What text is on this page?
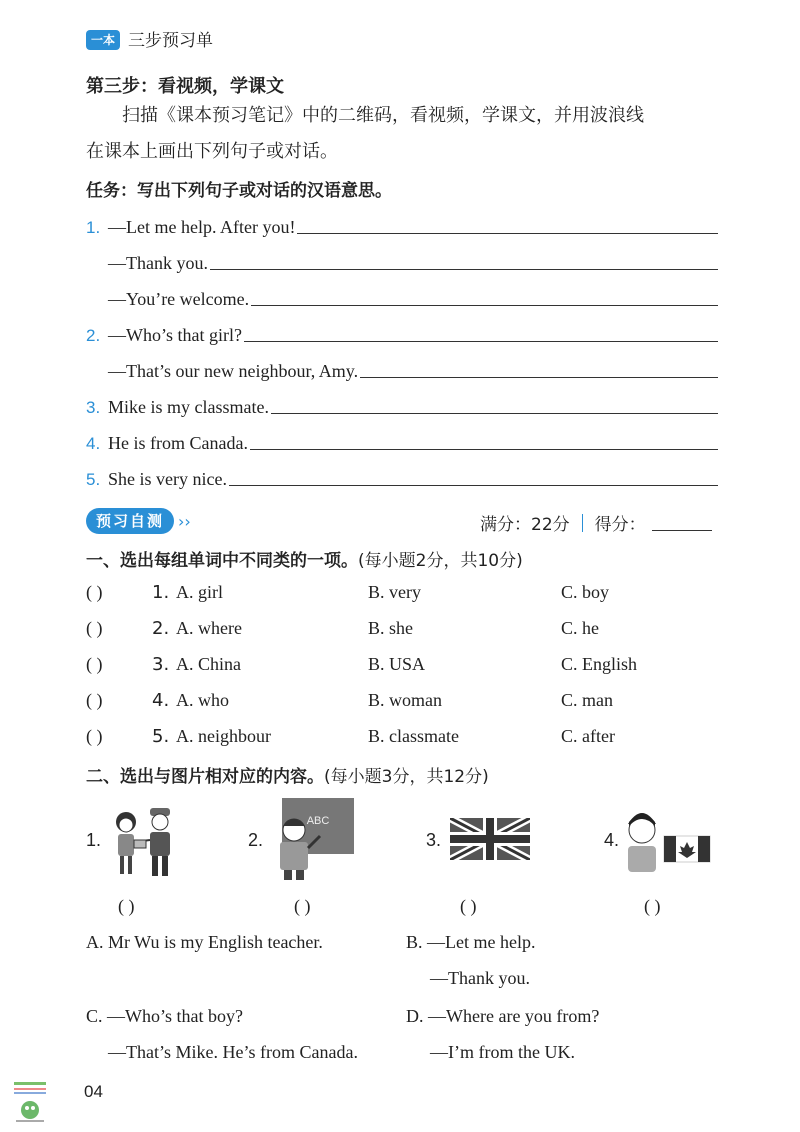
一本 三步预习单
第三步：看视频，学课文
扫描《课本预习笔记》中的二维码，看视频，学课文，并用波浪线
在课本上画出下列句子或对话。
任务：写出下列句子或对话的汉语意思。
1. —Let me help. After you!
—Thank you.
—You’re welcome.
2. —Who’s that girl?
—That’s our new neighbour, Amy.
3. Mike is my classmate.
4. He is from Canada.
5. She is very nice.
预习自测 ››	满分：22分 得分：
一、选出每组单词中不同类的一项。(每小题2分，共10分)
( )	1. A. girl	B. very	C. boy
( )	2. A. where	B. she	C. he
( )	3. A. China	B. USA	C. English
( )	4. A. who	B. woman	C. man
( )	5. A. neighbour	B. classmate	C. after
二、选出与图片相对应的内容。(每小题3分，共12分)
1.	2.
ABC
3.	4.
( )	( )	( )	( )
A. Mr Wu is my English teacher.	B. —Let me help.
—Thank you.
C. —Who’s that boy?
—That’s Mike. He’s from Canada.
D. —Where are you from?
—I’m from the UK.
04
